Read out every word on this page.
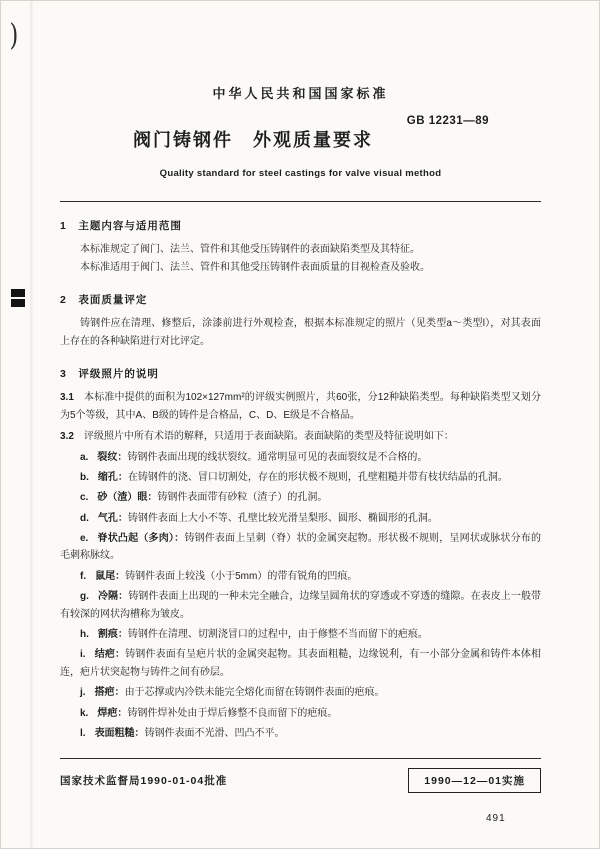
)
中华人民共和国国家标准
阀门铸钢件　外观质量要求
GB 12231—89
Quality standard for steel castings for valve visual method
1　主题内容与适用范围

本标准规定了阀门、法兰、管件和其他受压铸钢件的表面缺陷类型及其特征。

本标准适用于阀门、法兰、管件和其他受压铸钢件表面质量的目视检查及验收。

2　表面质量评定

铸钢件应在清理、修整后，涂漆前进行外观检查，根据本标准规定的照片（见类型a～类型l），对其表面上存在的各种缺陷进行对比评定。

3　评级照片的说明

3.1 本标准中提供的面积为102×127mm²的评级实例照片，共60张，分12种缺陷类型。每种缺陷类型又划分为5个等级，其中A、B级的铸件是合格品，C、D、E级是不合格品。

3.2 评级照片中所有术语的解释，只适用于表面缺陷。表面缺陷的类型及特征说明如下：

a. 裂纹：铸钢件表面出现的线状裂纹。通常明显可见的表面裂纹是不合格的。

b. 缩孔：在铸钢件的浇、冒口切割处，存在的形状极不规则，孔壁粗糙并带有枝状结晶的孔洞。

c. 砂（渣）眼：铸钢件表面带有砂粒（渣子）的孔洞。

d. 气孔：铸钢件表面上大小不等、孔壁比较光滑呈梨形、圆形、椭圆形的孔洞。

e. 脊状凸起（多肉）：铸钢件表面上呈刺（脊）状的金属突起物。形状极不规则，呈网状或脉状分布的毛刺称脉纹。

f. 鼠尾：铸钢件表面上较浅（小于5mm）的带有锐角的凹痕。

g. 冷隔：铸钢件表面上出现的一种未完全融合，边缘呈圆角状的穿透或不穿透的缝隙。在表皮上一般带有较深的网状沟槽称为皱皮。

h. 割痕：铸钢件在清理、切割浇冒口的过程中，由于修整不当而留下的疤痕。

i. 结疤：铸钢件表面有呈疤片状的金属突起物。其表面粗糙，边缘锐利，有一小部分金属和铸件本体相连，疤片状突起物与铸件之间有砂层。

j. 搭疤：由于芯撑或内冷铁未能完全熔化而留在铸钢件表面的疤痕。

k. 焊疤：铸钢件焊补处由于焊后修整不良而留下的疤痕。

l. 表面粗糙：铸钢件表面不光滑、凹凸不平。

国家技术监督局1990-01-04批准	1990—12—01实施
491
